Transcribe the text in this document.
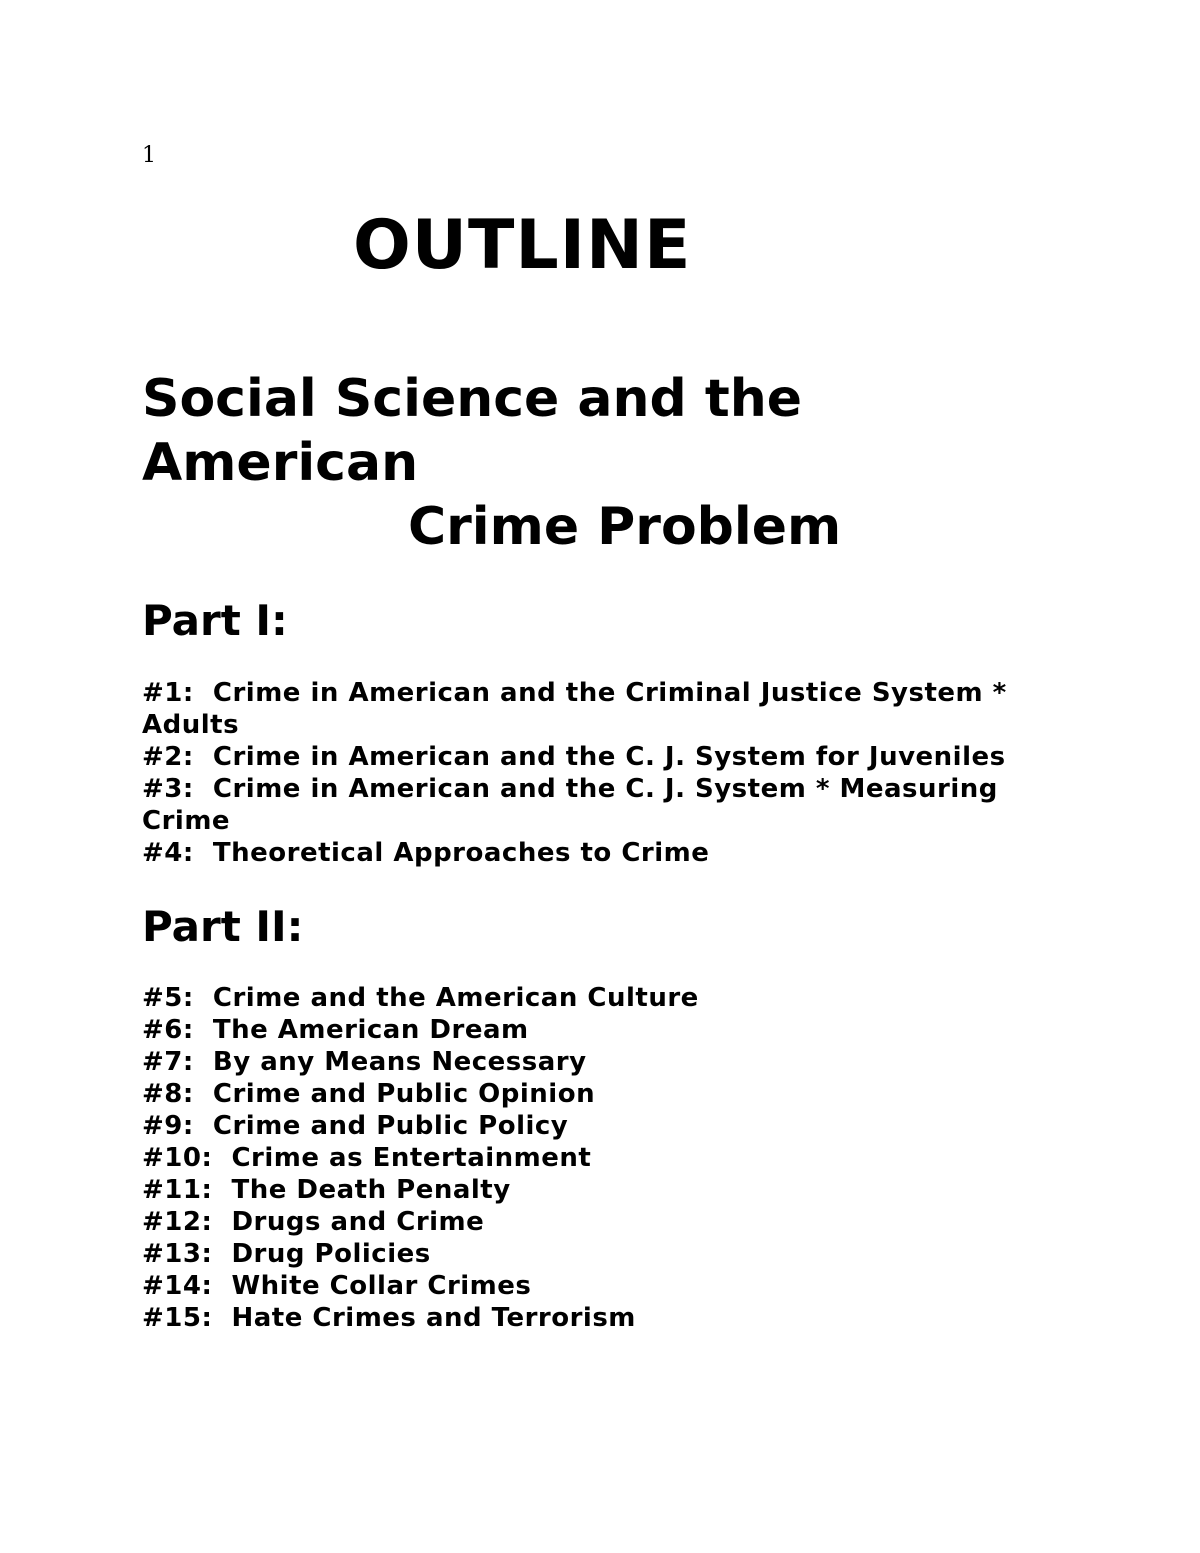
1
OUTLINE
Social Science and the
American
Crime Problem
Part I:
#1:  Crime in American and the Criminal Justice System * Adults
#2:  Crime in American and the C. J. System for Juveniles
#3:  Crime in American and the C. J. System * Measuring Crime
#4:  Theoretical Approaches to Crime
Part II:
#5:  Crime and the American Culture
#6:  The American Dream
#7:  By any Means Necessary
#8:  Crime and Public Opinion
#9:  Crime and Public Policy
#10:  Crime as Entertainment
#11:  The Death Penalty
#12:  Drugs and Crime
#13:  Drug Policies
#14:  White Collar Crimes
#15:  Hate Crimes and Terrorism
